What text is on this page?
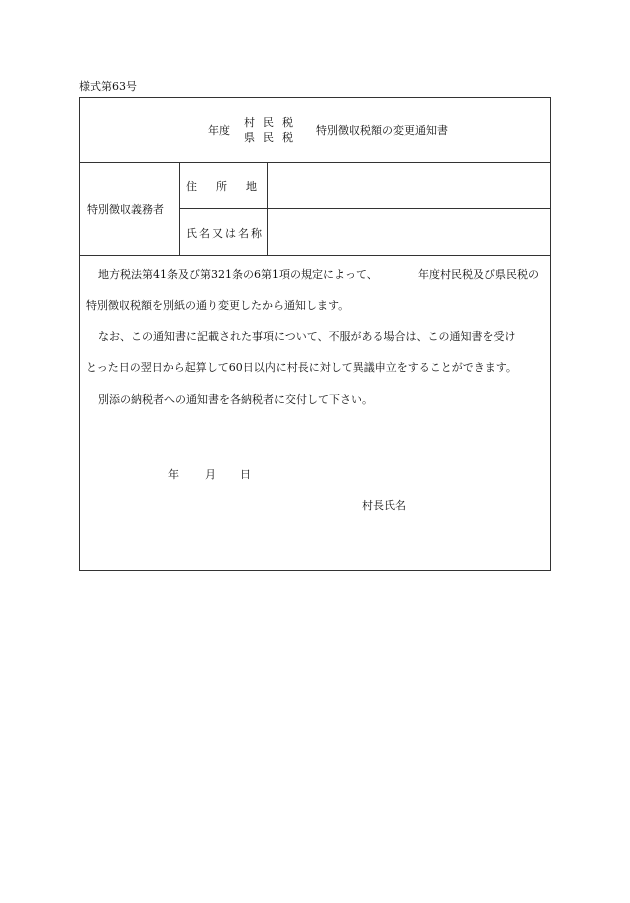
様式第63号
年度
村民税
県民税
特別徴収税額の変更通知書
特別徴収義務者
住所地
氏名又は名称
地方税法第41条及び第321条の6第1項の規定によって、	年度村民税及び県民税の
特別徴収税額を別紙の通り変更したから通知します。
なお、この通知書に記載された事項について、不服がある場合は、この通知書を受け
とった日の翌日から起算して60日以内に村長に対して異議申立をすることができます。
別添の納税者への通知書を各納税者に交付して下さい。
年 月 日
村長氏名
